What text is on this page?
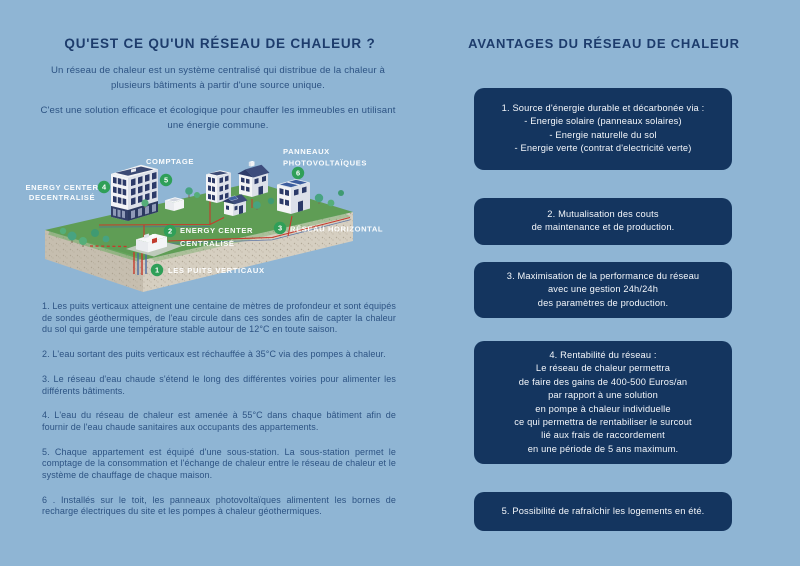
QU'EST CE QU'UN RÉSEAU DE CHALEUR ?
Un réseau de chaleur est un système centralisé qui distribue de la chaleur à plusieurs bâtiments à partir d'une source unique.
C'est une solution efficace et écologique pour chauffer les immeubles en utilisant une énergie commune.
1
2	3
4
5
6
ENERGY CENTER
DECENTRALISÉ
COMPTAGE
PANNEAUX
PHOTOVOLTAÏQUES
ENERGY CENTER
CENTRALISÉ
RÉSEAU HORIZONTAL
LES PUITS VERTICAUX
1. Les puits verticaux atteignent une centaine de mètres de profondeur et sont équipés de sondes géothermiques, de l'eau circule dans ces sondes afin de capter la chaleur du sol qui garde une température stable autour de 12°C en toute saison.
2. L'eau sortant des puits verticaux est réchauffée à 35°C via des pompes à chaleur.
3. Le réseau d'eau chaude s'étend le long des différentes voiries pour alimenter les différents bâtiments.
4. L'eau du réseau de chaleur est amenée à 55°C dans chaque bâtiment afin de fournir de l'eau chaude sanitaires aux occupants des appartements.
5. Chaque appartement est équipé d'une sous-station. La sous-station permet le comptage de la consommation et l'échange de chaleur entre le réseau de chaleur et le système de chauffage de chaque maison.
6 . Installés sur le toit, les panneaux photovoltaïques alimentent les bornes de recharge électriques du site et les pompes à chaleur géothermiques.
AVANTAGES DU RÉSEAU DE CHALEUR
1. Source d'énergie durable et décarbonée via :
- Energie solaire (panneaux solaires)
- Energie naturelle du sol
- Energie verte (contrat d'electricité verte)
2. Mutualisation des couts
de maintenance et de production.
3. Maximisation de la performance du réseau
avec une gestion 24h/24h
des paramètres de production.
4. Rentabilité du réseau :
Le réseau de chaleur permettra
de faire des gains de 400-500 Euros/an
par rapport à une solution
en pompe à chaleur individuelle
ce qui permettra de rentabiliser le surcout
lié aux frais de raccordement
en une période de 5 ans maximum.
5. Possibilité de rafraîchir les logements en été.
